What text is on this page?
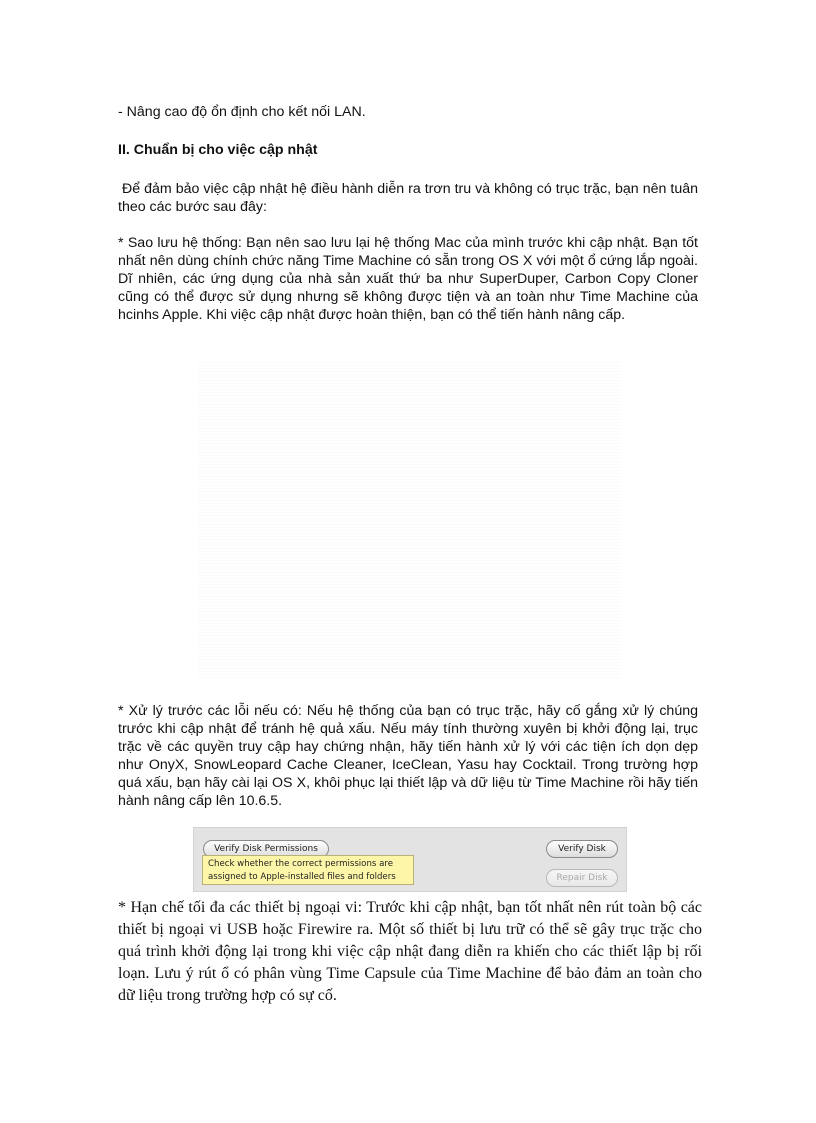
- Nâng cao độ ổn định cho kết nối LAN.

II. Chuẩn bị cho việc cập nhật

Để đảm bảo việc cập nhật hệ điều hành diễn ra trơn tru và không có trục trặc, bạn nên tuân theo các bước sau đây:

* Sao lưu hệ thống: Bạn nên sao lưu lại hệ thống Mac của mình trước khi cập nhật. Bạn tốt nhất nên dùng chính chức năng Time Machine có sẵn trong OS X với một ổ cứng lắp ngoài. Dĩ nhiên, các ứng dụng của nhà sản xuất thứ ba như SuperDuper, Carbon Copy Cloner cũng có thể được sử dụng nhưng sẽ không được tiện và an toàn như Time Machine của hcinhs Apple. Khi việc cập nhật được hoàn thiện, bạn có thể tiến hành nâng cấp.

* Xử lý trước các lỗi nếu có: Nếu hệ thống của bạn có trục trặc, hãy cố gắng xử lý chúng trước khi cập nhật để tránh hệ quả xấu. Nếu máy tính thường xuyên bị khởi động lại, trục trặc về các quyền truy cập hay chứng nhận, hãy tiến hành xử lý với các tiện ích dọn dẹp như OnyX, SnowLeopard Cache Cleaner, IceClean, Yasu hay Cocktail. Trong trường hợp quá xấu, bạn hãy cài lại OS X, khôi phục lại thiết lập và dữ liệu từ Time Machine rồi hãy tiến hành nâng cấp lên 10.6.5.

Verify Disk Permissions	Verify Disk
Repair Disk
Check whether the correct permissions are
assigned to Apple-installed files and folders

* Hạn chế tối đa các thiết bị ngoại vi: Trước khi cập nhật, bạn tốt nhất nên rút toàn bộ các thiết bị ngoại vi USB hoặc Firewire ra. Một số thiết bị lưu trữ có thể sẽ gây trục trặc cho quá trình khởi động lại trong khi việc cập nhật đang diễn ra khiến cho các thiết lập bị rối loạn. Lưu ý rút ổ có phân vùng Time Capsule của Time Machine để bảo đảm an toàn cho dữ liệu trong trường hợp có sự cố.
